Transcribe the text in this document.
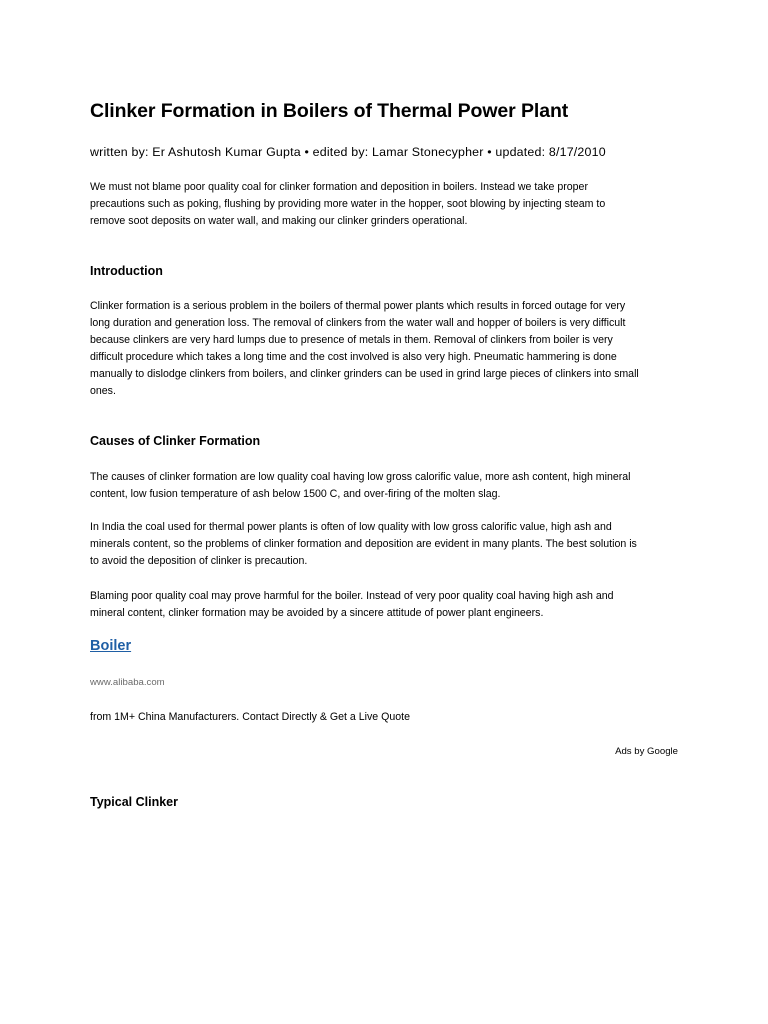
Clinker Formation in Boilers of Thermal Power Plant

written by: Er Ashutosh Kumar Gupta • edited by: Lamar Stonecypher • updated: 8/17/2010

We must not blame poor quality coal for clinker formation and deposition in boilers. Instead we take proper
precautions such as poking, flushing by providing more water in the hopper, soot blowing by injecting steam to
remove soot deposits on water wall, and making our clinker grinders operational.

Introduction

Clinker formation is a serious problem in the boilers of thermal power plants which results in forced outage for very
long duration and generation loss. The removal of clinkers from the water wall and hopper of boilers is very difficult
because clinkers are very hard lumps due to presence of metals in them. Removal of clinkers from boiler is very
difficult procedure which takes a long time and the cost involved is also very high. Pneumatic hammering is done
manually to dislodge clinkers from boilers, and clinker grinders can be used in grind large pieces of clinkers into small
ones.

Causes of Clinker Formation

The causes of clinker formation are low quality coal having low gross calorific value, more ash content, high mineral
content, low fusion temperature of ash below 1500 C, and over-firing of the molten slag.

In India the coal used for thermal power plants is often of low quality with low gross calorific value, high ash and
minerals content, so the problems of clinker formation and deposition are evident in many plants. The best solution is
to avoid the deposition of clinker is precaution.

Blaming poor quality coal may prove harmful for the boiler. Instead of very poor quality coal having high ash and
mineral content, clinker formation may be avoided by a sincere attitude of power plant engineers.

Boiler

www.alibaba.com

from 1M+ China Manufacturers. Contact Directly & Get a Live Quote

Ads by Google

Typical Clinker
